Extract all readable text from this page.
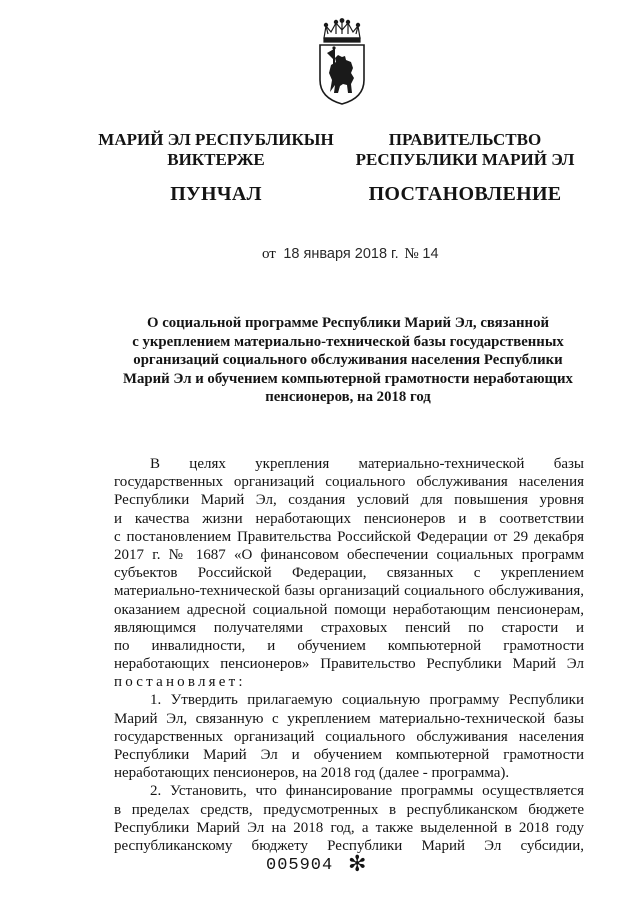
МАРИЙ ЭЛ РЕСПУБЛИКЫН
ВИКТЕРЖЕ
ПУНЧАЛ
ПРАВИТЕЛЬСТВО
РЕСПУБЛИКИ МАРИЙ ЭЛ
ПОСТАНОВЛЕНИЕ
от 18 января 2018 г. № 14
О социальной программе Республики Марий Эл, связанной
с укреплением материально-технической базы государственных
организаций социального обслуживания населения Республики
Марий Эл и обучением компьютерной грамотности неработающих
пенсионеров, на 2018 год
В целях укрепления материально-технической базы
государственных организаций социального обслуживания населения
Республики Марий Эл, создания условий для повышения уровня
и качества жизни неработающих пенсионеров и в соответствии
с постановлением Правительства Российской Федерации от 29 декабря
2017 г. № 1687 «О финансовом обеспечении социальных программ
субъектов Российской Федерации, связанных с укреплением
материально-технической базы организаций социального обслуживания,
оказанием адресной социальной помощи неработающим пенсионерам,
являющимся получателями страховых пенсий по старости и
по инвалидности, и обучением компьютерной грамотности
неработающих пенсионеров» Правительство Республики Марий Эл
постановляет:
1. Утвердить прилагаемую социальную программу Республики
Марий Эл, связанную с укреплением материально-технической базы
государственных организаций социального обслуживания населения
Республики Марий Эл и обучением компьютерной грамотности
неработающих пенсионеров, на 2018 год (далее - программа).
2. Установить, что финансирование программы осуществляется
в пределах средств, предусмотренных в республиканском бюджете
Республики Марий Эл на 2018 год, а также выделенной в 2018 году
республиканскому бюджету Республики Марий Эл субсидии,
005904 ✻
